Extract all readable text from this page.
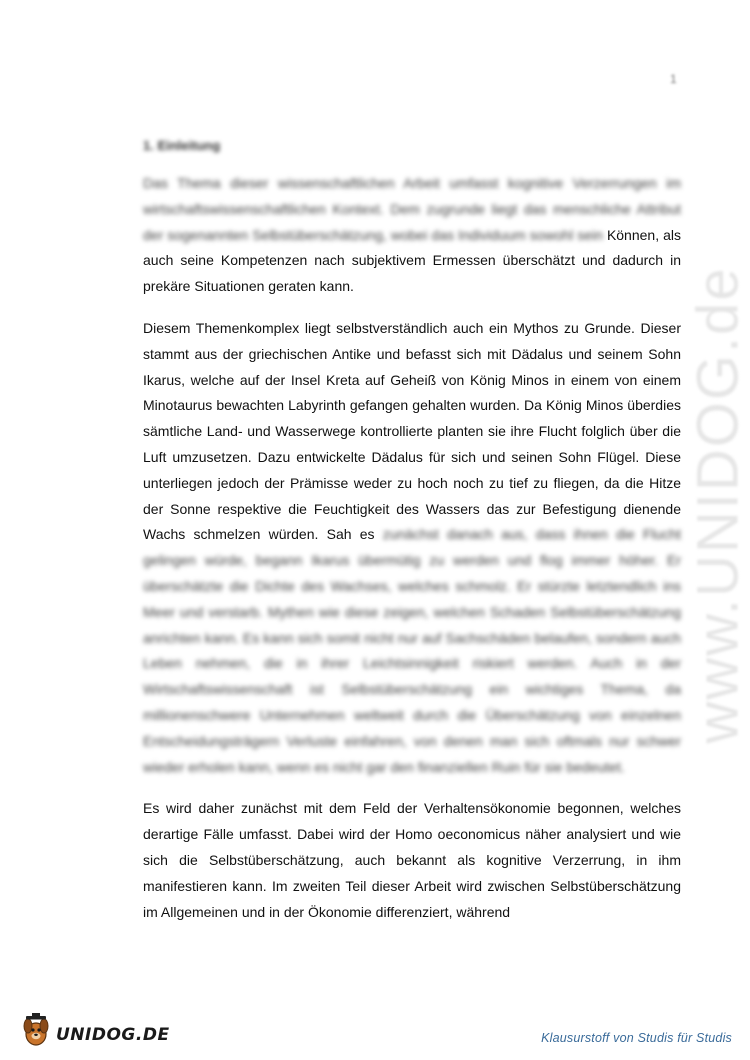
1
1. Einleitung

Das Thema dieser wissenschaftlichen Arbeit umfasst kognitive Verzerrungen im wirtschaftswissenschaftlichen Kontext. Dem zugrunde liegt das menschliche Attribut der sogenannten Selbstüberschätzung, wobei das Individuum sowohl sein Können, als auch seine Kompetenzen nach subjektivem Ermessen überschätzt und dadurch in prekäre Situationen geraten kann.

Diesem Themenkomplex liegt selbstverständlich auch ein Mythos zu Grunde. Dieser stammt aus der griechischen Antike und befasst sich mit Dädalus und seinem Sohn Ikarus, welche auf der Insel Kreta auf Geheiß von König Minos in einem von einem Minotaurus bewachten Labyrinth gefangen gehalten wurden. Da König Minos überdies sämtliche Land- und Wasserwege kontrollierte planten sie ihre Flucht folglich über die Luft umzusetzen. Dazu entwickelte Dädalus für sich und seinen Sohn Flügel. Diese unterliegen jedoch der Prämisse weder zu hoch noch zu tief zu fliegen, da die Hitze der Sonne respektive die Feuchtigkeit des Wassers das zur Befestigung dienende Wachs schmelzen würden. Sah es zunächst danach aus, dass ihnen die Flucht gelingen würde, begann Ikarus übermütig zu werden und flog immer höher. Er überschätzte die Dichte des Wachses, welches schmolz. Er stürzte letztendlich ins Meer und verstarb. Mythen wie diese zeigen, welchen Schaden Selbstüberschätzung anrichten kann. Es kann sich somit nicht nur auf Sachschäden belaufen, sondern auch Leben nehmen, die in ihrer Leichtsinnigkeit riskiert werden. Auch in der Wirtschaftswissenschaft ist Selbstüberschätzung ein wichtiges Thema, da millionenschwere Unternehmen weltweit durch die Überschätzung von einzelnen Entscheidungsträgern Verluste einfahren, von denen man sich oftmals nur schwer wieder erholen kann, wenn es nicht gar den finanziellen Ruin für sie bedeutet.

Es wird daher zunächst mit dem Feld der Verhaltensökonomie begonnen, welches derartige Fälle umfasst. Dabei wird der Homo oeconomicus näher analysiert und wie sich die Selbstüberschätzung, auch bekannt als kognitive Verzerrung, in ihm manifestieren kann. Im zweiten Teil dieser Arbeit wird zwischen Selbstüberschätzung im Allgemeinen und in der Ökonomie differenziert, während

www.UNIDOG.de
UNIDOG.DE	Klausurstoff von Studis für Studis
